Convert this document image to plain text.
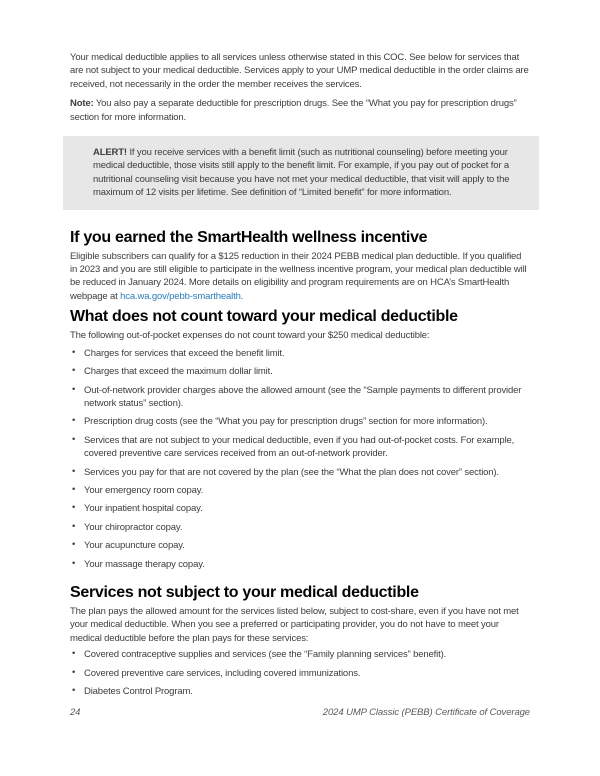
Your medical deductible applies to all services unless otherwise stated in this COC. See below for services that are not subject to your medical deductible. Services apply to your UMP medical deductible in the order claims are received, not necessarily in the order the member receives the services.

Note: You also pay a separate deductible for prescription drugs. See the “What you pay for prescription drugs” section for more information.

ALERT! If you receive services with a benefit limit (such as nutritional counseling) before meeting your medical deductible, those visits still apply to the benefit limit. For example, if you pay out of pocket for a nutritional counseling visit because you have not met your medical deductible, that visit will apply to the maximum of 12 visits per lifetime. See definition of “Limited benefit” for more information.

If you earned the SmartHealth wellness incentive

Eligible subscribers can qualify for a $125 reduction in their 2024 PEBB medical plan deductible. If you qualified in 2023 and you are still eligible to participate in the wellness incentive program, your medical plan deductible will be reduced in January 2024. More details on eligibility and program requirements are on HCA’s SmartHealth webpage at hca.wa.gov/pebb-smarthealth.

What does not count toward your medical deductible

The following out-of-pocket expenses do not count toward your $250 medical deductible:

• Charges for services that exceed the benefit limit.
• Charges that exceed the maximum dollar limit.
• Out-of-network provider charges above the allowed amount (see the “Sample payments to different provider network status” section).
• Prescription drug costs (see the “What you pay for prescription drugs” section for more information).
• Services that are not subject to your medical deductible, even if you had out-of-pocket costs. For example, covered preventive care services received from an out-of-network provider.
• Services you pay for that are not covered by the plan (see the “What the plan does not cover” section).
• Your emergency room copay.
• Your inpatient hospital copay.
• Your chiropractor copay.
• Your acupuncture copay.
• Your massage therapy copay.
Services not subject to your medical deductible

The plan pays the allowed amount for the services listed below, subject to cost-share, even if you have not met your medical deductible. When you see a preferred or participating provider, you do not have to meet your medical deductible before the plan pays for these services:

• Covered contraceptive supplies and services (see the “Family planning services” benefit).
• Covered preventive care services, including covered immunizations.
• Diabetes Control Program.
24	2024 UMP Classic (PEBB) Certificate of Coverage
